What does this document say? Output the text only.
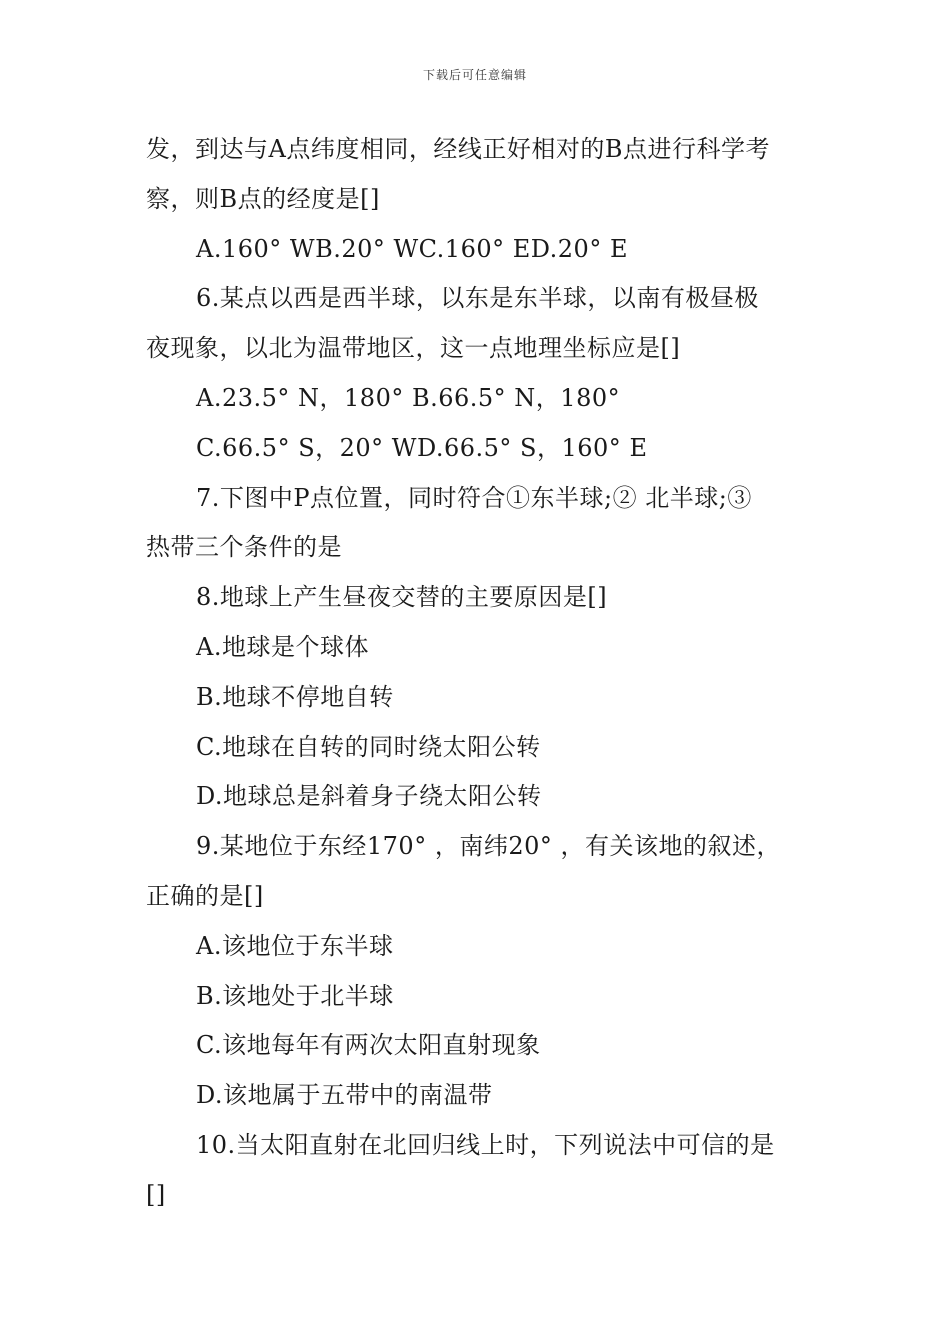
下载后可任意编辑
发，到达与A点纬度相同，经线正好相对的B点进行科学考
察，则B点的经度是[]
A.160° WB.20° WC.160° ED.20° E
6.某点以西是西半球，以东是东半球，以南有极昼极
夜现象，以北为温带地区，这一点地理坐标应是[]
A.23.5° N，180° B.66.5° N，180°
C.66.5° S，20° WD.66.5° S，160° E
7.下图中P点位置，同时符合①东半球;② 北半球;③
热带三个条件的是
8.地球上产生昼夜交替的主要原因是[]
A.地球是个球体
B.地球不停地自转
C.地球在自转的同时绕太阳公转
D.地球总是斜着身子绕太阳公转
9.某地位于东经170° ，南纬20° ，有关该地的叙述，
正确的是[]
A.该地位于东半球
B.该地处于北半球
C.该地每年有两次太阳直射现象
D.该地属于五带中的南温带
10.当太阳直射在北回归线上时，下列说法中可信的是
[]
